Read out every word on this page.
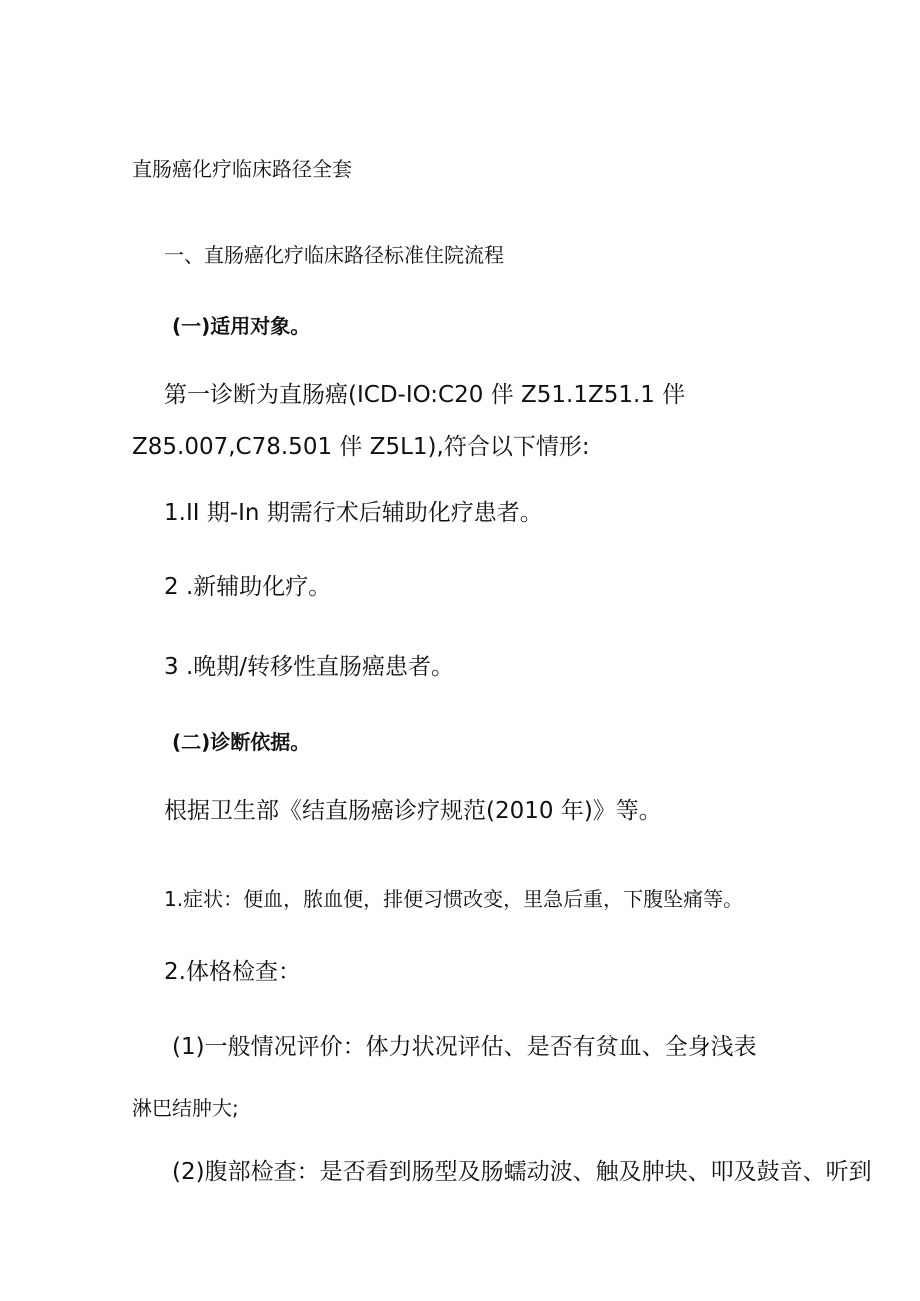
直肠癌化疗临床路径全套
一、直肠癌化疗临床路径标准住院流程
(一)适用对象。
第一诊断为直肠癌(ICD-IO:C20 伴 Z51.1Z51.1 伴
Z85.007,C78.501 伴 Z5L1),符合以下情形:
1.II 期-In 期需行术后辅助化疗患者。
2 .新辅助化疗。
3 .晚期/转移性直肠癌患者。
(二)诊断依据。
根据卫生部《结直肠癌诊疗规范(2010 年)》等。
1.症状：便血，脓血便，排便习惯改变，里急后重，下腹坠痛等。
2.体格检查：
(1)一般情况评价：体力状况评估、是否有贫血、全身浅表
淋巴结肿大;
(2)腹部检查：是否看到肠型及肠蠕动波、触及肿块、叩及鼓音、听到
